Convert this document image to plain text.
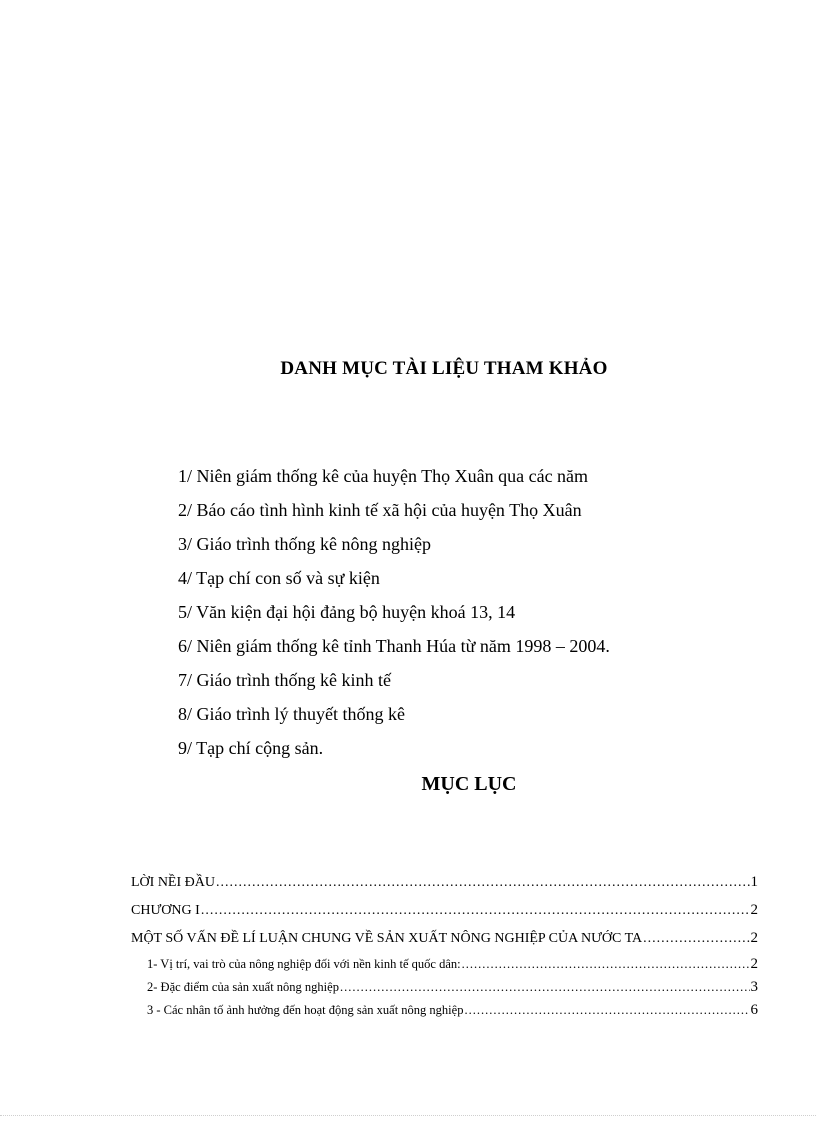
DANH MỤC TÀI LIỆU THAM KHẢO
1/ Niên giám thống kê của huyện Thọ Xuân qua các năm
2/ Báo cáo tình hình kinh tế xã hội của huyện Thọ Xuân
3/ Giáo trình thống kê nông nghiệp
4/ Tạp chí con số và sự kiện
5/ Văn kiện đại hội đảng bộ huyện khoá 13, 14
6/ Niên giám thống kê tỉnh Thanh Húa từ năm 1998 – 2004.
7/ Giáo trình thống kê kinh tế
8/ Giáo trình lý thuyết thống kê
9/ Tạp chí cộng sản.
MỤC LỤC
LỜI NỀI ĐẦU .....	1
CHƯƠNG I .....	2
MỘT SỐ VẤN ĐỀ LÍ LUẬN CHUNG VỀ SẢN XUẤT NÔNG NGHIỆP CỦA NƯỚC TA .....	2
1- Vị trí, vai trò của nông nghiệp đối với nền kinh tế quốc dân: .....	2
2- Đặc điểm của sản xuất nông nghiệp .....	3
3 - Các nhân tố ảnh hưởng đến hoạt động sản xuất nông nghiệp .....	6
